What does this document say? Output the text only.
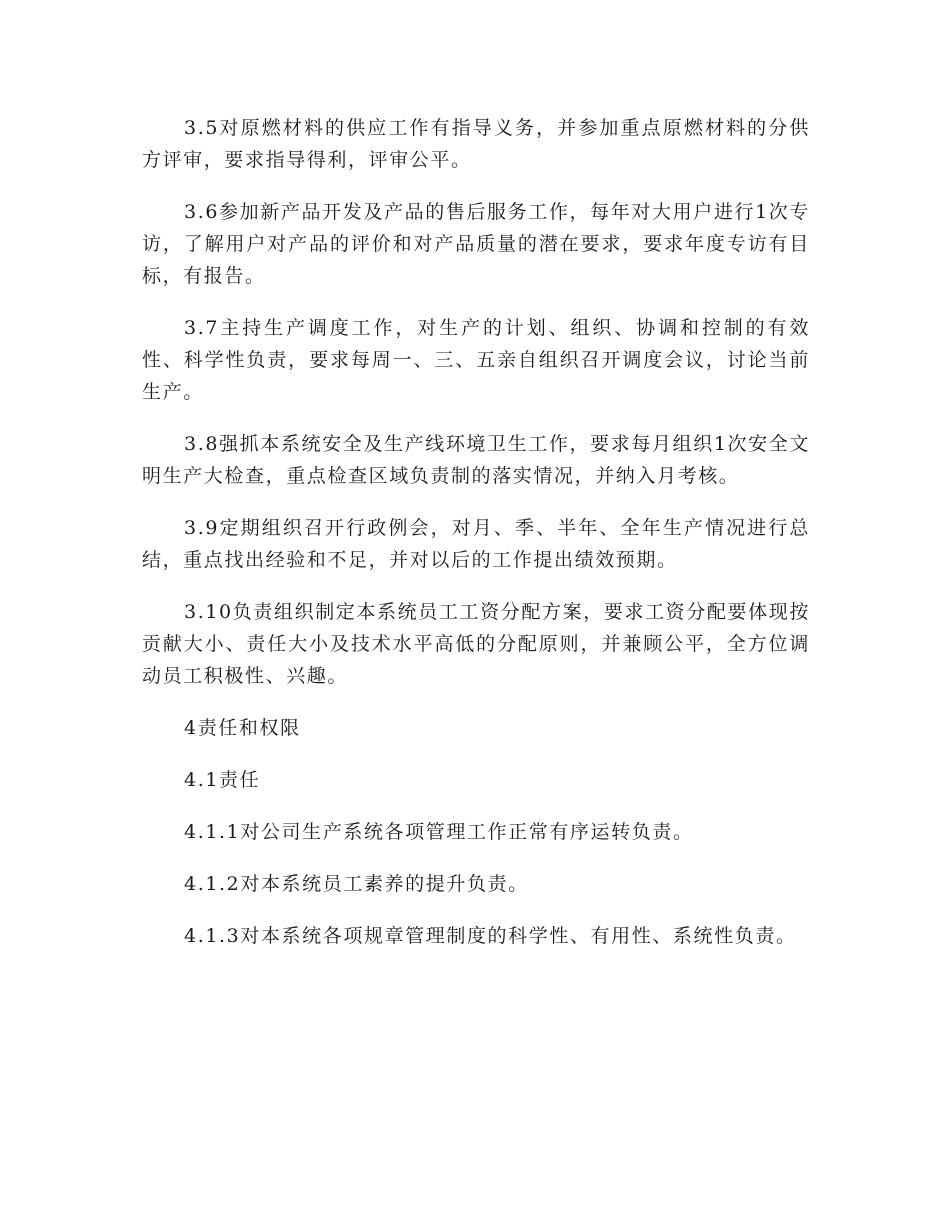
3.5对原燃材料的供应工作有指导义务，并参加重点原燃材料的分供方评审，要求指导得利，评审公平。

3.6参加新产品开发及产品的售后服务工作，每年对大用户进行1次专访，了解用户对产品的评价和对产品质量的潜在要求，要求年度专访有目标，有报告。

3.7主持生产调度工作，对生产的计划、组织、协调和控制的有效性、科学性负责，要求每周一、三、五亲自组织召开调度会议，讨论当前生产。

3.8强抓本系统安全及生产线环境卫生工作，要求每月组织1次安全文明生产大检查，重点检查区域负责制的落实情况，并纳入月考核。

3.9定期组织召开行政例会，对月、季、半年、全年生产情况进行总结，重点找出经验和不足，并对以后的工作提出绩效预期。

3.10负责组织制定本系统员工工资分配方案，要求工资分配要体现按贡献大小、责任大小及技术水平高低的分配原则，并兼顾公平，全方位调动员工积极性、兴趣。

4责任和权限

4.1责任

4.1.1对公司生产系统各项管理工作正常有序运转负责。

4.1.2对本系统员工素养的提升负责。

4.1.3对本系统各项规章管理制度的科学性、有用性、系统性负责。
